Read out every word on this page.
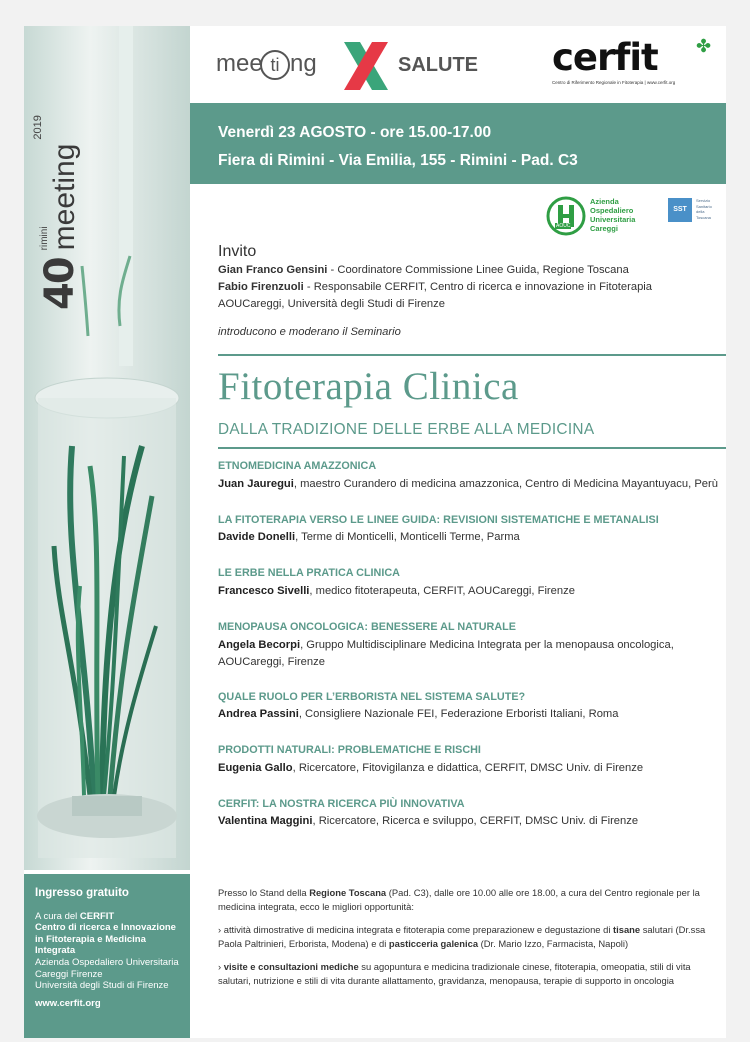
40
rimini
meeting
2019
Ingresso gratuito
A cura del CERFIT
Centro di ricerca e Innovazione in Fitoterapia e Medicina Integrata
Azienda Ospedaliero Universitaria Careggi Firenze
Università degli Studi di Firenze
www.cerfit.org
mee ti ng	SALUTE cerfit ✤
Centro di Riferimento Regionale in Fitoterapia | www.cerfit.org
Venerdì 23 AGOSTO - ore 15.00-17.00
Fiera di Rimini - Via Emilia, 155 - Rimini - Pad. C3
AOUC
Azienda
Ospedaliero
Universitaria
Careggi
SST
Servizio
Sanitario
della
Toscana
Invito
Gian Franco Gensini - Coordinatore Commissione Linee Guida, Regione Toscana
Fabio Firenzuoli - Responsabile CERFIT, Centro di ricerca e innovazione in Fitoterapia
AOUCareggi, Università degli Studi di Firenze
introducono e moderano il Seminario
Fitoterapia Clinica
DALLA TRADIZIONE DELLE ERBE ALLA MEDICINA
ETNOMEDICINA AMAZZONICA
Juan Jauregui, maestro Curandero di medicina amazzonica, Centro di Medicina Mayantuyacu, Perù
LA FITOTERAPIA VERSO LE LINEE GUIDA: REVISIONI SISTEMATICHE E METANALISI
Davide Donelli, Terme di Monticelli, Monticelli Terme, Parma
LE ERBE NELLA PRATICA CLINICA
Francesco Sivelli, medico fitoterapeuta, CERFIT, AOUCareggi, Firenze
MENOPAUSA ONCOLOGICA: BENESSERE AL NATURALE
Angela Becorpi, Gruppo Multidisciplinare Medicina Integrata per la menopausa oncologica, AOUCareggi, Firenze
QUALE RUOLO PER L’ERBORISTA NEL SISTEMA SALUTE?
Andrea Passini, Consigliere Nazionale FEI, Federazione Erboristi Italiani, Roma
PRODOTTI NATURALI: PROBLEMATICHE E RISCHI
Eugenia Gallo, Ricercatore, Fitovigilanza e didattica, CERFIT, DMSC Univ. di Firenze
CERFIT: LA NOSTRA RICERCA PIÙ INNOVATIVA
Valentina Maggini, Ricercatore, Ricerca e sviluppo, CERFIT, DMSC Univ. di Firenze

Presso lo Stand della Regione Toscana (Pad. C3), dalle ore 10.00 alle ore 18.00, a cura del Centro regionale per la medicina integrata, ecco le migliori opportunità:

› attività dimostrative di medicina integrata e fitoterapia come preparazionew e degustazione di tisane salutari (Dr.ssa Paola Paltrinieri, Erborista, Modena) e di pasticceria galenica (Dr. Mario Izzo, Farmacista, Napoli)

› visite e consultazioni mediche su agopuntura e medicina tradizionale cinese, fitoterapia, omeopatia, stili di vita salutari, nutrizione e stili di vita durante allattamento, gravidanza, menopausa, terapie di supporto in oncologia
